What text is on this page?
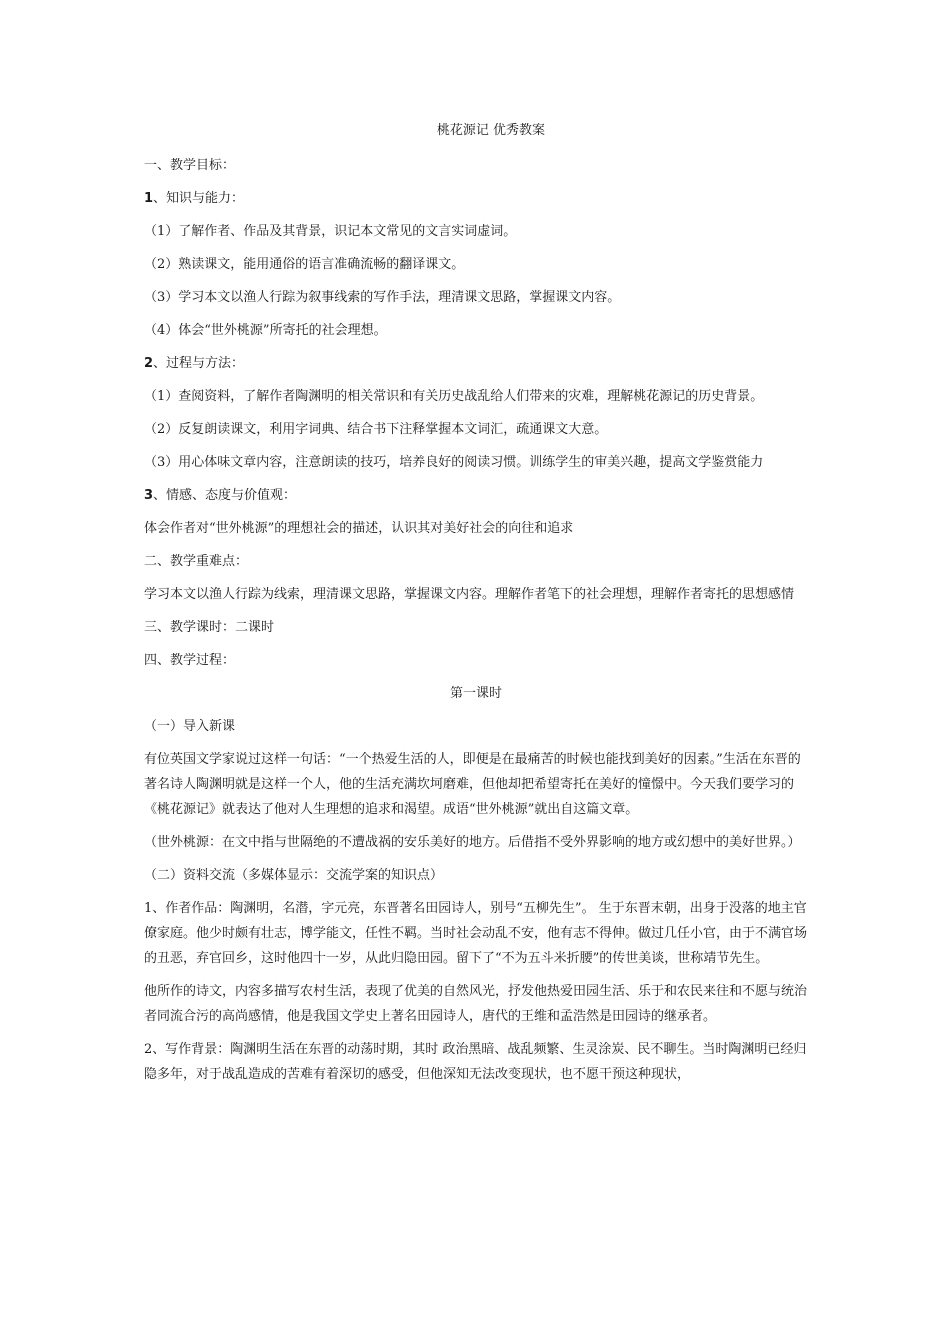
桃花源记 优秀教案

一、教学目标：

1、知识与能力：

（1）了解作者、作品及其背景，识记本文常见的文言实词虚词。

（2）熟读课文，能用通俗的语言准确流畅的翻译课文。

（3）学习本文以渔人行踪为叙事线索的写作手法，理清课文思路，掌握课文内容。

（4）体会“世外桃源”所寄托的社会理想。

2、过程与方法：

（1）查阅资料，了解作者陶渊明的相关常识和有关历史战乱给人们带来的灾难，理解桃花源记的历史背景。

（2）反复朗读课文，利用字词典、结合书下注释掌握本文词汇，疏通课文大意。

（3）用心体味文章内容，注意朗读的技巧，培养良好的阅读习惯。训练学生的审美兴趣，提高文学鉴赏能力

3、情感、态度与价值观：

体会作者对“世外桃源”的理想社会的描述，认识其对美好社会的向往和追求

二、教学重难点：

学习本文以渔人行踪为线索，理清课文思路，掌握课文内容。理解作者笔下的社会理想，理解作者寄托的思想感情

三、教学课时：二课时

四、教学过程：

第一课时

（一）导入新课

有位英国文学家说过这样一句话：“一个热爱生活的人，即便是在最痛苦的时候也能找到美好的因素。”生活在东晋的著名诗人陶渊明就是这样一个人，他的生活充满坎坷磨难，但他却把希望寄托在美好的憧憬中。今天我们要学习的《桃花源记》就表达了他对人生理想的追求和渴望。成语“世外桃源”就出自这篇文章。

（世外桃源：在文中指与世隔绝的不遭战祸的安乐美好的地方。后借指不受外界影响的地方或幻想中的美好世界。）

（二）资料交流（多媒体显示：交流学案的知识点）

1、作者作品：陶渊明，名潜，字元亮，东晋著名田园诗人，别号“五柳先生”。 生于东晋末朝，出身于没落的地主官僚家庭。他少时颇有壮志，博学能文，任性不羁。当时社会动乱不安，他有志不得伸。做过几任小官，由于不满官场的丑恶，弃官回乡，这时他四十一岁，从此归隐田园。留下了“不为五斗米折腰”的传世美谈，世称靖节先生。

他所作的诗文，内容多描写农村生活，表现了优美的自然风光，抒发他热爱田园生活、乐于和农民来往和不愿与统治者同流合污的高尚感情，他是我国文学史上著名田园诗人，唐代的王维和孟浩然是田园诗的继承者。

2、写作背景：陶渊明生活在东晋的动荡时期，其时 政治黑暗、战乱频繁、生灵涂炭、民不聊生。当时陶渊明已经归隐多年，对于战乱造成的苦难有着深切的感受，但他深知无法改变现状，也不愿干预这种现状，
